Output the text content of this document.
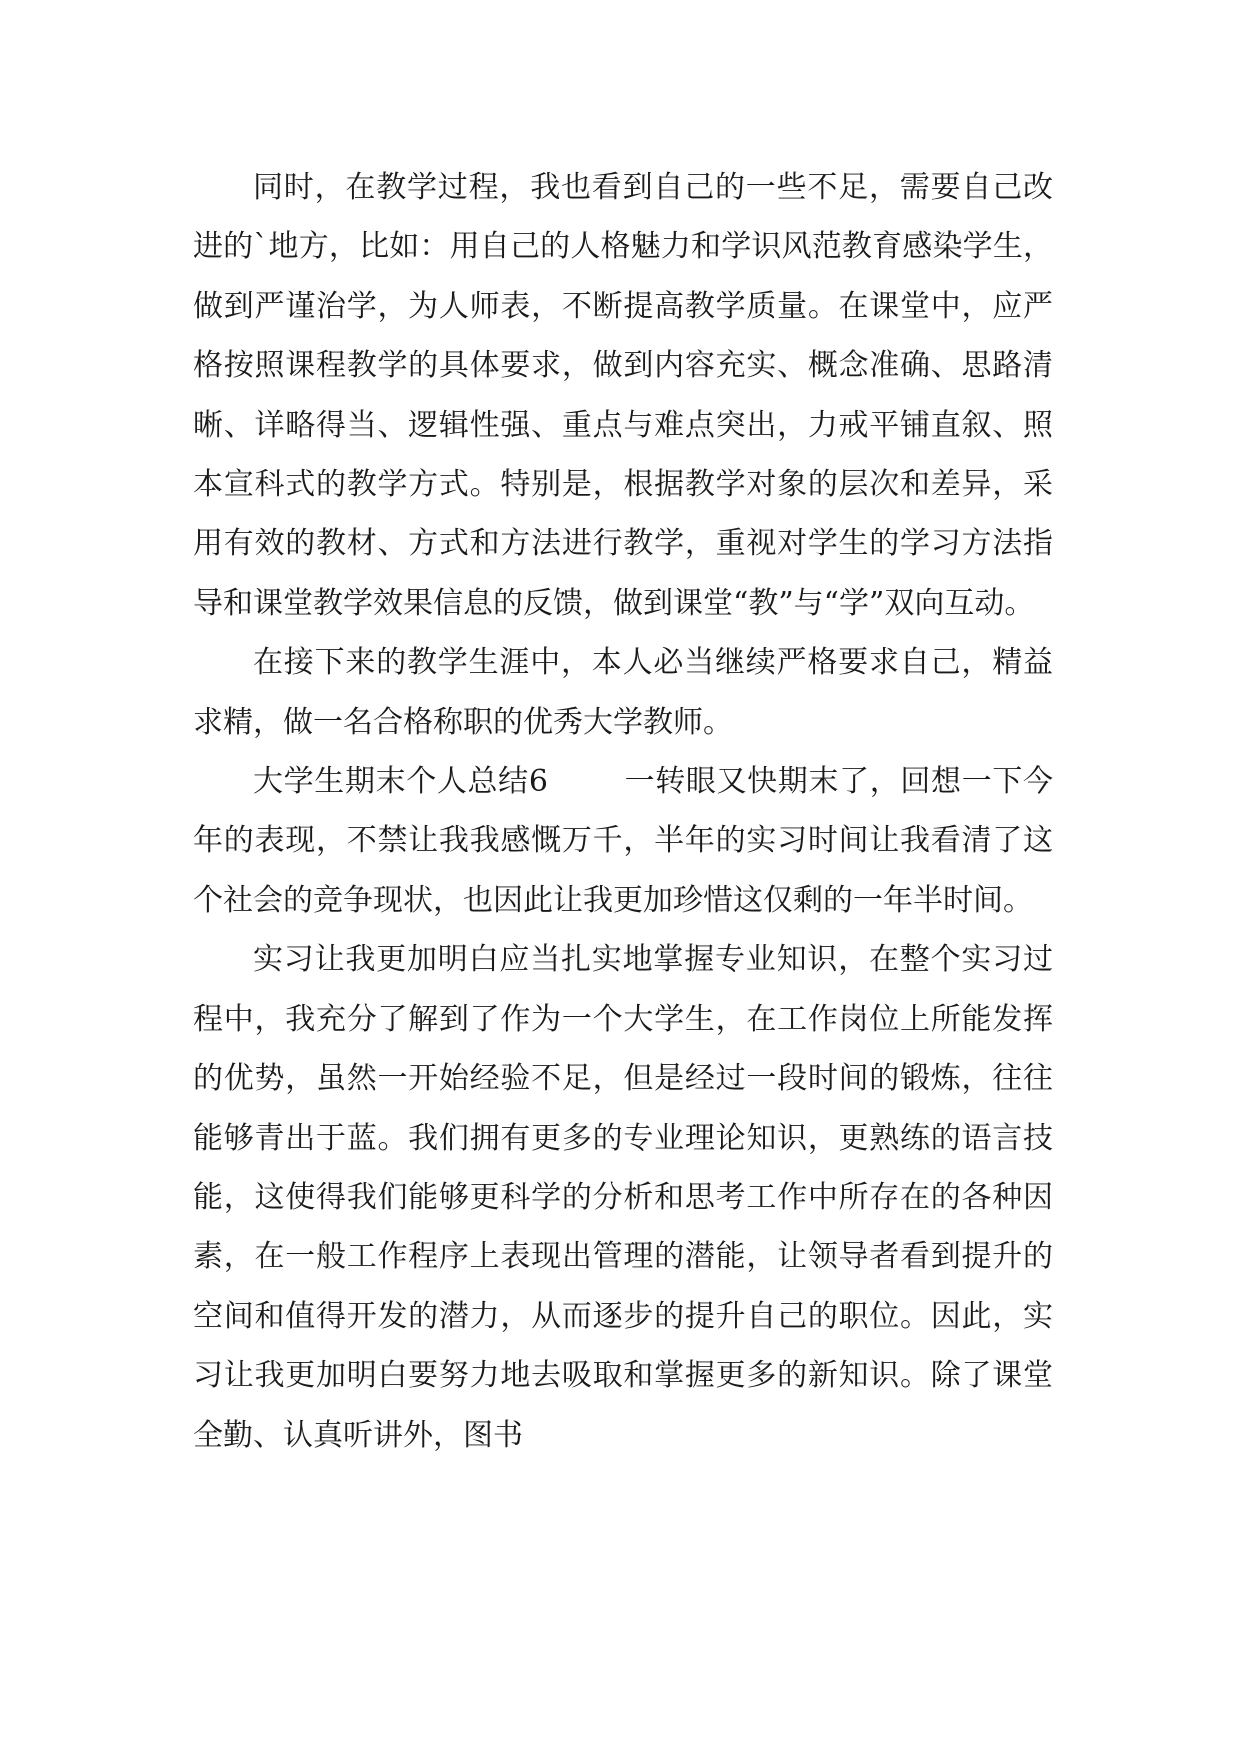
同时，在教学过程，我也看到自己的一些不足，需要自己改进的`地方，比如：用自己的人格魅力和学识风范教育感染学生，做到严谨治学，为人师表，不断提高教学质量。在课堂中，应严格按照课程教学的具体要求，做到内容充实、概念准确、思路清晰、详略得当、逻辑性强、重点与难点突出，力戒平铺直叙、照本宣科式的教学方式。特别是，根据教学对象的层次和差异，采用有效的教材、方式和方法进行教学，重视对学生的学习方法指导和课堂教学效果信息的反馈，做到课堂“教”与“学”双向互动。

在接下来的教学生涯中，本人必当继续严格要求自己，精益求精，做一名合格称职的优秀大学教师。

大学生期末个人总结6	一转眼又快期末了，回想一下今年的表现，不禁让我我感慨万千，半年的实习时间让我看清了这个社会的竞争现状，也因此让我更加珍惜这仅剩的一年半时间。

实习让我更加明白应当扎实地掌握专业知识，在整个实习过程中，我充分了解到了作为一个大学生，在工作岗位上所能发挥的优势，虽然一开始经验不足，但是经过一段时间的锻炼，往往能够青出于蓝。我们拥有更多的专业理论知识，更熟练的语言技能，这使得我们能够更科学的分析和思考工作中所存在的各种因素，在一般工作程序上表现出管理的潜能，让领导者看到提升的空间和值得开发的潜力，从而逐步的提升自己的职位。因此，实习让我更加明白要努力地去吸取和掌握更多的新知识。除了课堂全勤、认真听讲外，图书
